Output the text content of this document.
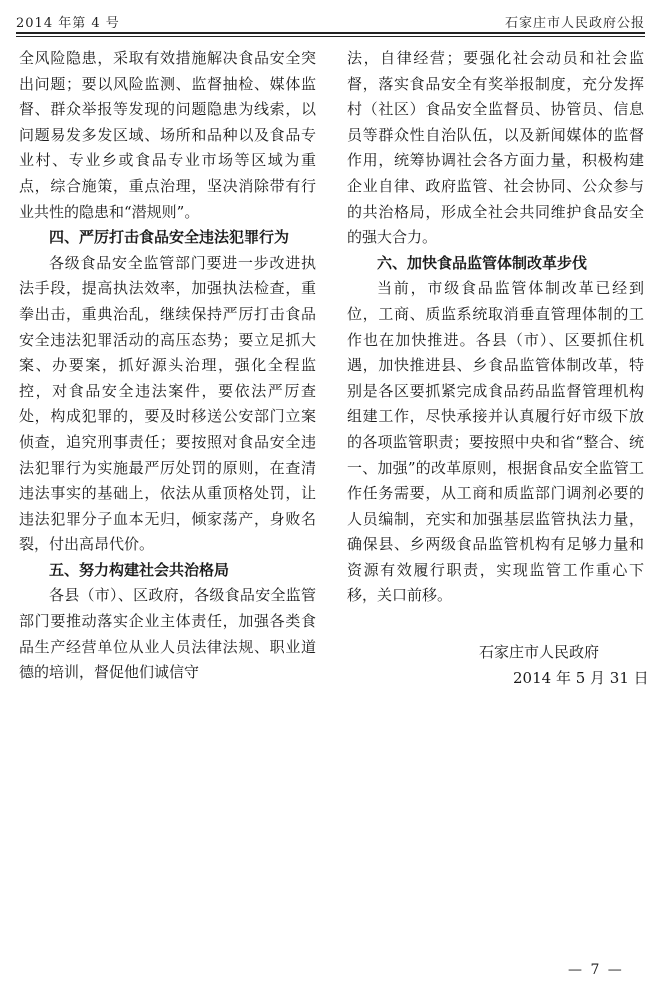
2014 年第 4 号	石家庄市人民政府公报

全风险隐患，采取有效措施解决食品安全突出问题；要以风险监测、监督抽检、媒体监督、群众举报等发现的问题隐患为线索，以问题易发多发区域、场所和品种以及食品专业村、专业乡或食品专业市场等区域为重点，综合施策，重点治理，坚决消除带有行业共性的隐患和“潜规则”。

四、严厉打击食品安全违法犯罪行为

各级食品安全监管部门要进一步改进执法手段，提高执法效率，加强执法检查，重拳出击，重典治乱，继续保持严厉打击食品安全违法犯罪活动的高压态势；要立足抓大案、办要案，抓好源头治理，强化全程监控，对食品安全违法案件，要依法严厉查处，构成犯罪的，要及时移送公安部门立案侦查，追究刑事责任；要按照对食品安全违法犯罪行为实施最严厉处罚的原则，在查清违法事实的基础上，依法从重顶格处罚，让违法犯罪分子血本无归，倾家荡产，身败名裂，付出高昂代价。

五、努力构建社会共治格局

各县（市）、区政府，各级食品安全监管部门要推动落实企业主体责任，加强各类食品生产经营单位从业人员法律法规、职业道德的培训，督促他们诚信守

法，自律经营；要强化社会动员和社会监督，落实食品安全有奖举报制度，充分发挥村（社区）食品安全监督员、协管员、信息员等群众性自治队伍，以及新闻媒体的监督作用，统筹协调社会各方面力量，积极构建企业自律、政府监管、社会协同、公众参与的共治格局，形成全社会共同维护食品安全的强大合力。

六、加快食品监管体制改革步伐

当前，市级食品监管体制改革已经到位，工商、质监系统取消垂直管理体制的工作也在加快推进。各县（市）、区要抓住机遇，加快推进县、乡食品监管体制改革，特别是各区要抓紧完成食品药品监督管理机构组建工作，尽快承接并认真履行好市级下放的各项监管职责；要按照中央和省“整合、统一、加强”的改革原则，根据食品安全监管工作任务需要，从工商和质监部门调剂必要的人员编制，充实和加强基层监管执法力量，确保县、乡两级食品监管机构有足够力量和资源有效履行职责，实现监管工作重心下移，关口前移。

石家庄市人民政府
2014 年 5 月 31 日
— 7 —
